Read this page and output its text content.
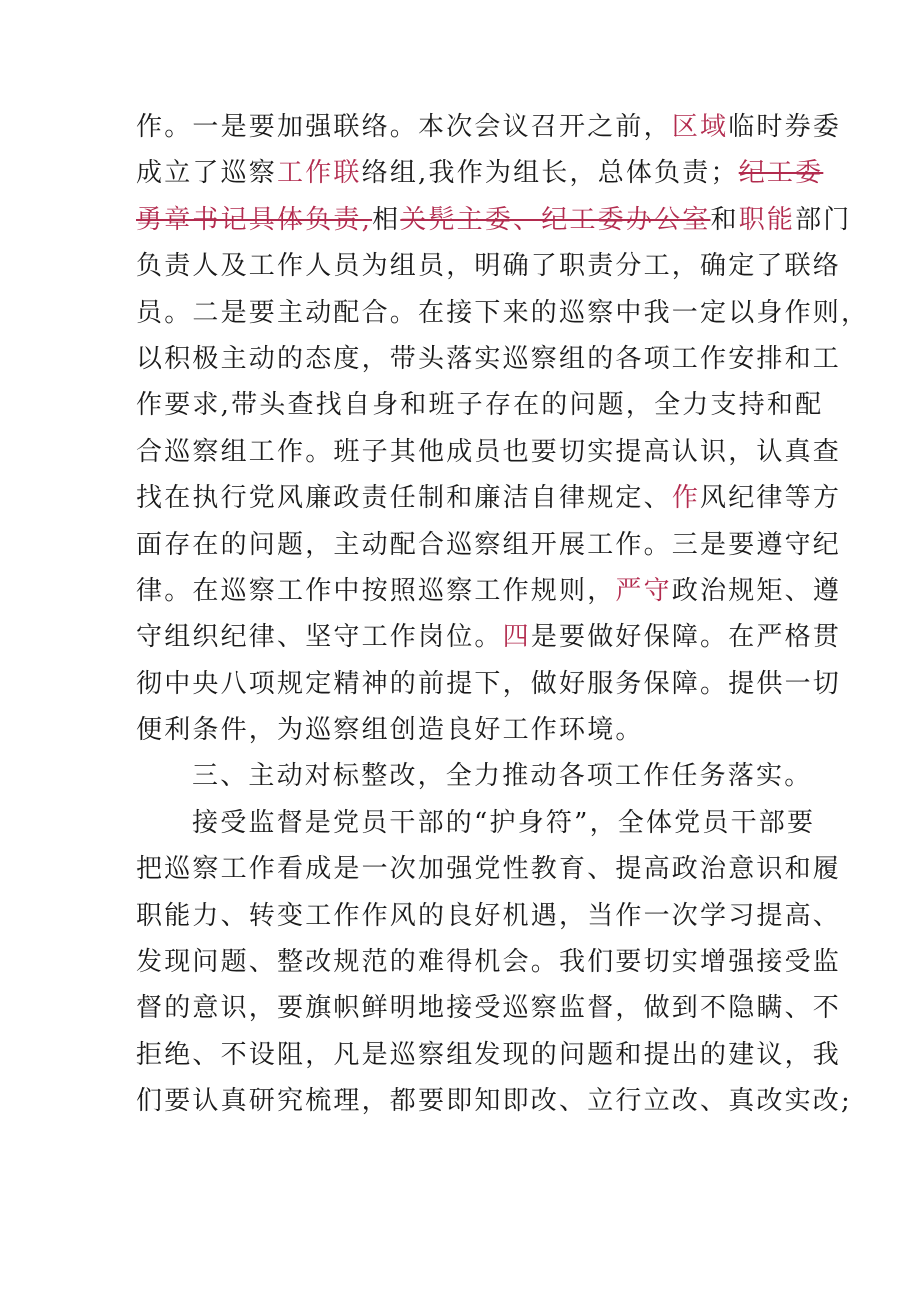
作。一是要加强联络。本次会议召开之前，区域临时券委
成立了巡察工作联络组,我作为组长，总体负责；纪工委
勇章书记具体负责,相关髡主委、纪工委办公室和职能部门
负责人及工作人员为组员，明确了职责分工，确定了联络
员。二是要主动配合。在接下来的巡察中我一定以身作则，
以积极主动的态度，带头落实巡察组的各项工作安排和工
作要求,带头查找自身和班子存在的问题，全力支持和配
合巡察组工作。班子其他成员也要切实提高认识，认真查
找在执行党风廉政责任制和廉洁自律规定、作风纪律等方
面存在的问题，主动配合巡察组开展工作。三是要遵守纪
律。在巡察工作中按照巡察工作规则，严守政治规矩、遵
守组织纪律、坚守工作岗位。四是要做好保障。在严格贯
彻中央八项规定精神的前提下，做好服务保障。提供一切
便利条件，为巡察组创造良好工作环境。
三、主动对标整改，全力推动各项工作任务落实。
接受监督是党员干部的“护身符”，全体党员干部要
把巡察工作看成是一次加强党性教育、提高政治意识和履
职能力、转变工作作风的良好机遇，当作一次学习提高、
发现问题、整改规范的难得机会。我们要切实增强接受监
督的意识，要旗帜鲜明地接受巡察监督，做到不隐瞒、不
拒绝、不设阻，凡是巡察组发现的问题和提出的建议，我
们要认真研究梳理，都要即知即改、立行立改、真改实改;
